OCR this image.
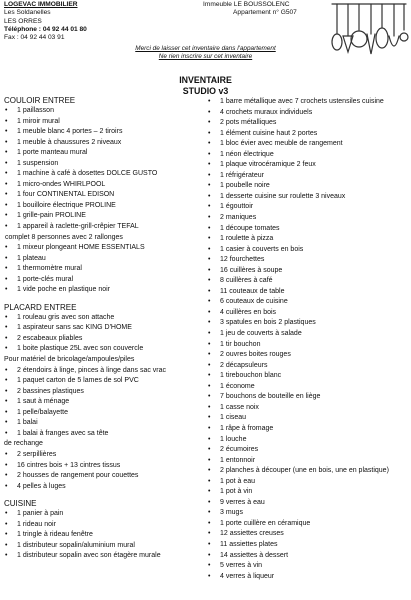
LOGEVAC IMMOBILIER
Les Soldanelles
LES ORRES
Téléphone : 04 92 44 01 80
Fax : 04 92 44 03 91
Immeuble LE BOUSSOLENC
Appartement n° G507
Merci de laisser cet inventaire dans l'appartement
Ne rien inscrire sur cet inventaire
INVENTAIRE
STUDIO v3
COULOIR ENTREE
• 1 paillasson
• 1 miroir mural
• 1 meuble blanc 4 portes – 2 tiroirs
• 1 meuble à chaussures 2 niveaux
• 1 porte manteau mural
• 1 suspension
• 1 machine à café à dosettes DOLCE GUSTO
• 1 micro-ondes WHIRLPOOL
• 1 four CONTINENTAL EDISON
• 1 bouilloire électrique PROLINE
• 1 grille-pain PROLINE
• 1 appareil à raclette-grill-crêpier TEFAL
complet 8 personnes avec 2 rallonges
• 1 mixeur plongeant HOME ESSENTIALS
• 1 plateau
• 1 thermomètre mural
• 1 porte-clés mural
• 1 vide poche en plastique noir
PLACARD ENTREE
• 1 rouleau gris avec son attache
• 1 aspirateur sans sac KING D'HOME
• 2 escabeaux pliables
• 1 boite plastique 25L avec son couvercle
Pour matériel de bricolage/ampoules/piles
• 2 étendoirs à linge, pinces à linge dans sac vrac
• 1 paquet carton de 5 lames de sol PVC
• 2 bassines plastiques
• 1 saut à ménage
• 1 pelle/balayette
• 1 balai
• 1 balai à franges avec sa tête
de rechange
• 2 serpillières
• 16 cintres bois + 13 cintres tissus
• 2 housses de rangement pour couettes
• 4 pelles à luges
CUISINE
• 1 panier à pain
• 1 rideau noir
• 1 tringle à rideau fenêtre
• 1 distributeur sopalin/aluminium mural
• 1 distributeur sopalin avec son étagère murale
• 1 barre métallique avec 7 crochets ustensiles cuisine
• 4 crochets muraux individuels
• 2 pots métalliques
• 1 élément cuisine haut 2 portes
• 1 bloc évier avec meuble de rangement
• 1 néon électrique
• 1 plaque vitrocéramique 2 feux
• 1 réfrigérateur
• 1 poubelle noire
• 1 desserte cuisine sur roulette 3 niveaux
• 1 égouttoir
• 2 maniques
• 1 découpe tomates
• 1 roulette à pizza
• 1 casier à couverts en bois
• 12 fourchettes
• 16 cuillères à soupe
• 8 cuillères à café
• 11 couteaux de table
• 6 couteaux de cuisine
• 4 cuillères en bois
• 3 spatules en bois 2 plastiques
• 1 jeu de couverts à salade
• 1 tir bouchon
• 2 ouvres boites rouges
• 2 décapsuleurs
• 1 tirebouchon blanc
• 1 économe
• 7 bouchons de bouteille en liège
• 1 casse noix
• 1 ciseau
• 1 râpe à fromage
• 1 louche
• 2 écumoires
• 1 entonnoir
• 2 planches à découper (une en bois, une en plastique)
• 1 pot à eau
• 1 pot à vin
• 9 verres à eau
• 3 mugs
• 1 porte cuillère en céramique
• 12 assiettes creuses
• 11 assiettes plates
• 14 assiettes à dessert
• 5 verres à vin
• 4 verres à liqueur
